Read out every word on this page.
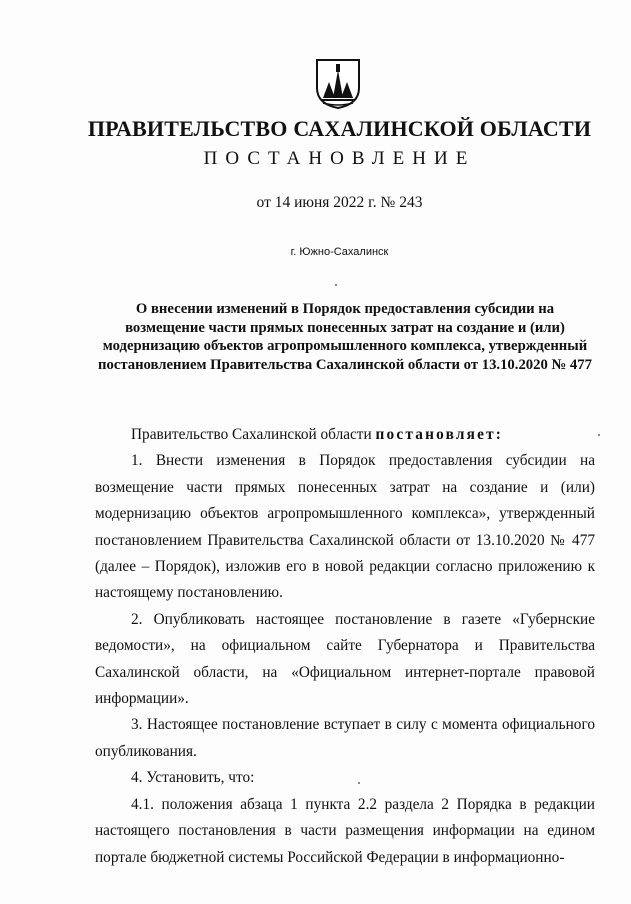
ПРАВИТЕЛЬСТВО САХАЛИНСКОЙ ОБЛАСТИ
ПОСТАНОВЛЕНИЕ
от 14 июня 2022 г. № 243
г. Южно-Сахалинск
О внесении изменений в Порядок предоставления субсидии на возмещение части прямых понесенных затрат на создание и (или) модернизацию объектов агропромышленного комплекса, утвержденный постановлением Правительства Сахалинской области от 13.10.2020 № 477

Правительство Сахалинской области постановляет:

1. Внести изменения в Порядок предоставления субсидии на возмещение части прямых понесенных затрат на создание и (или) модернизацию объектов агропромышленного комплекса», утвержденный постановлением Правительства Сахалинской области от 13.10.2020 № 477 (далее – Порядок), изложив его в новой редакции согласно приложению к настоящему постановлению.

2. Опубликовать настоящее постановление в газете «Губернские ведомости», на официальном сайте Губернатора и Правительства Сахалинской области, на «Официальном интернет-портале правовой информации».

3. Настоящее постановление вступает в силу с момента официального опубликования.

4. Установить, что:

4.1. положения абзаца 1 пункта 2.2 раздела 2 Порядка в редакции настоящего постановления в части размещения информации на едином портале бюджетной системы Российской Федерации в информационно-
